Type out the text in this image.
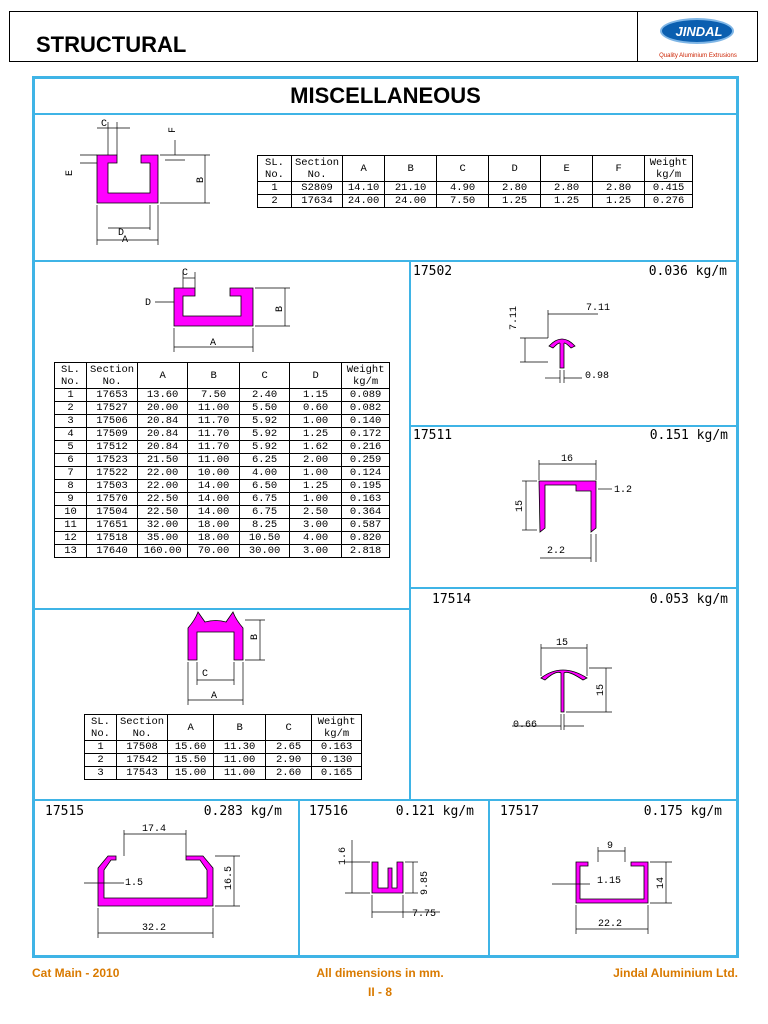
STRUCTURAL
JINDAL
Quality Aluminium Extrusions
MISCELLANEOUS
C
D
A
B
E
F
SL. No.	Section No.	A	B	C	D	E	F	Weight kg/m
1	S2809	14.10	21.10	4.90	2.80	2.80	2.80	0.415
2	17634	24.00	24.00	7.50	1.25	1.25	1.25	0.276
C
D
A
B
SL. No.	Section No.	A	B	C	D	Weight kg/m
1	17653	13.60	7.50	2.40	1.15	0.089
2	17527	20.00	11.00	5.50	0.60	0.082
3	17506	20.84	11.70	5.92	1.00	0.140
4	17509	20.84	11.70	5.92	1.25	0.172
5	17512	20.84	11.70	5.92	1.62	0.216
6	17523	21.50	11.00	6.25	2.00	0.259
7	17522	22.00	10.00	4.00	1.00	0.124
8	17503	22.00	14.00	6.50	1.25	0.195
9	17570	22.50	14.00	6.75	1.00	0.163
10	17504	22.50	14.00	6.75	2.50	0.364
11	17651	32.00	18.00	8.25	3.00	0.587
12	17518	35.00	18.00	10.50	4.00	0.820
13	17640	160.00	70.00	30.00	3.00	2.818
C
A
B
SL. No.	Section No.	A	B	C	Weight kg/m
1	17508	15.60	11.30	2.65	0.163
2	17542	15.50	11.00	2.90	0.130
3	17543	15.00	11.00	2.60	0.165
17502	0.036 kg/m
7.11	7.11
0.98
17511	0.151 kg/m
16
15
1.2
2.2
17514	0.053 kg/m
15
15
0.66
17515	0.283 kg/m
17.4
16.5
1.5
32.2
17516	0.121 kg/m
1.6
9.85
7.75
17517	0.175 kg/m
9
1.15	14
22.2
Cat Main - 2010	All dimensions in mm.
II - 8
Jindal Aluminium Ltd.
